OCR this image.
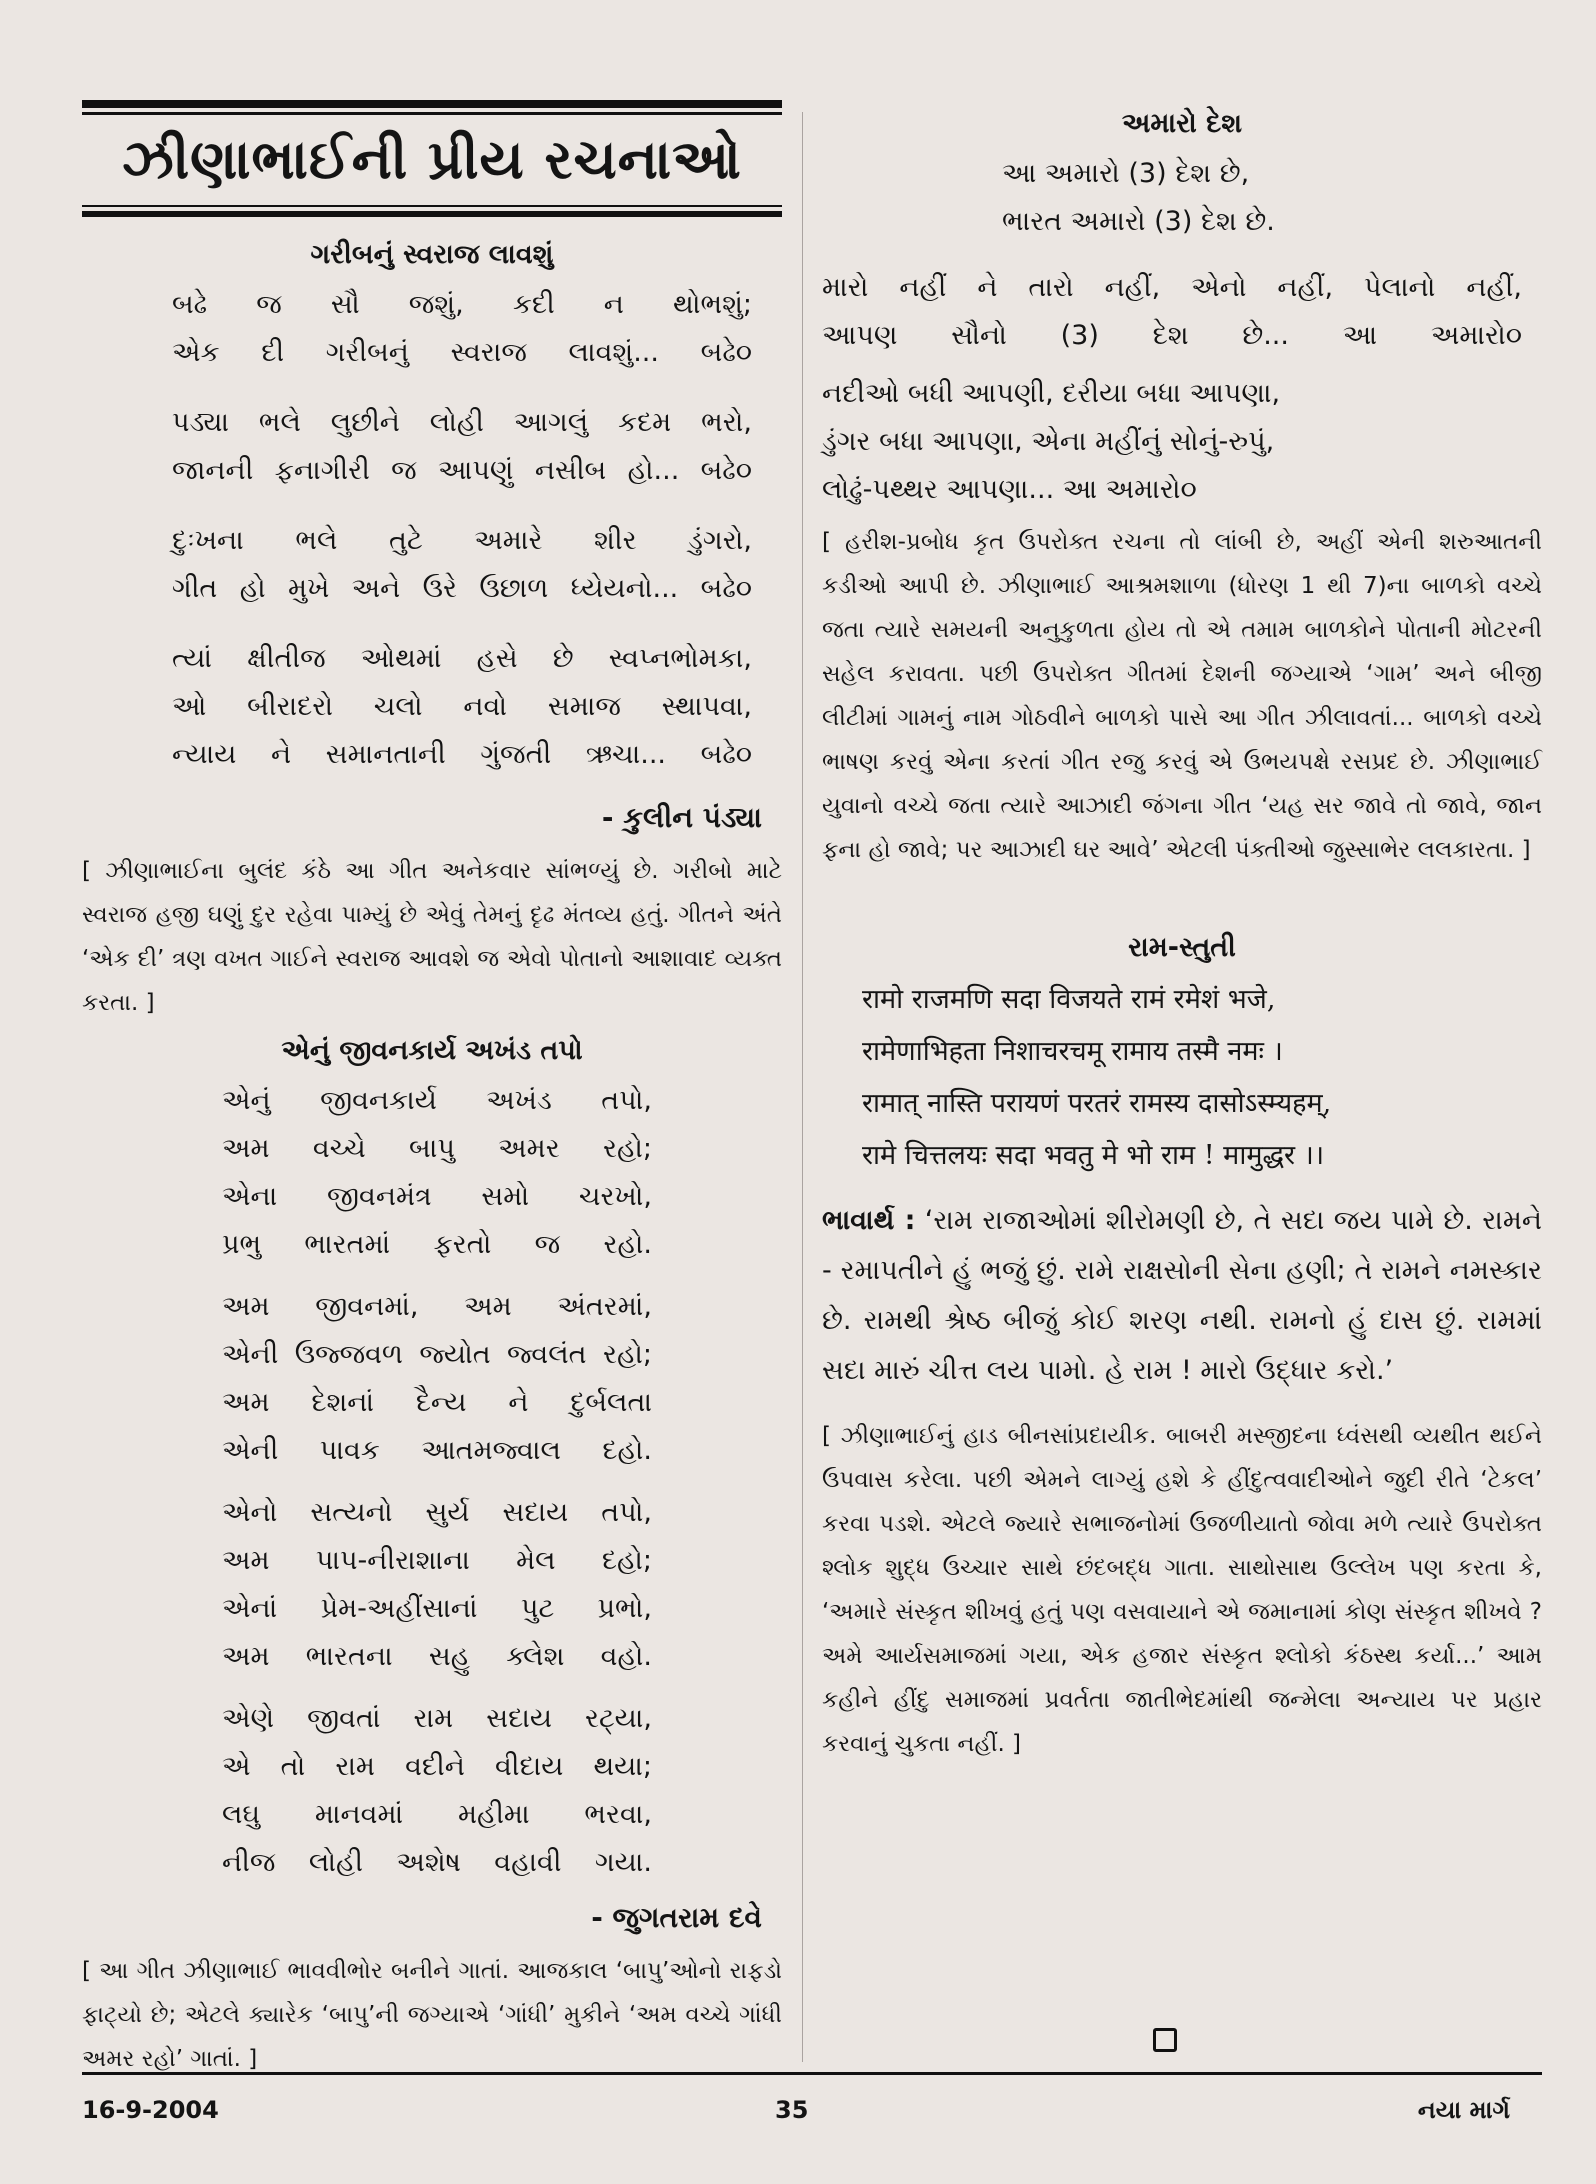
ઝીણાભાઈની પ્રીય રચનાઓ
ગરીબનું સ્વરાજ લાવશું
બઢે જ સૌ જશું, કદી ન થોભશું;
એક દી ગરીબનું સ્વરાજ લાવશું... બઢે૦
પડ્યા ભલે લુછીને લોહી આગલું કદમ ભરો,
જાનની ફનાગીરી જ આપણું નસીબ હો... બઢે૦
દુઃખના ભલે તુટે અમારે શીર ડુંગરો,
ગીત હો મુખે અને ઉરે ઉછાળ ધ્યેયનો... બઢે૦
ત્યાં ક્ષીતીજ ઓથમાં હસે છે સ્વપ્નભોમકા,
ઓ બીરાદરો ચલો નવો સમાજ સ્થાપવા,
ન્યાય ને સમાનતાની ગુંજતી ઋચા... બઢે૦
- કુલીન પંડ્યા

[ ઝીણાભાઈના બુલંદ કંઠે આ ગીત અનેકવાર સાંભળ્યું છે. ગરીબો માટે સ્વરાજ હજી ઘણું દુર રહેવા પામ્યું છે એવું તેમનું દૃઢ મંતવ્ય હતું. ગીતને અંતે ‘એક દી’ ત્રણ વખત ગાઈને સ્વરાજ આવશે જ એવો પોતાનો આશાવાદ વ્યક્ત કરતા. ]

એનું જીવનકાર્ય અખંડ તપો
એનું જીવનકાર્ય અખંડ તપો,
અમ વચ્ચે બાપુ અમર રહો;
એના જીવનમંત્ર સમો ચરખો,
પ્રભુ ભારતમાં ફરતો જ રહો.
અમ જીવનમાં, અમ અંતરમાં,
એની ઉજ્જવળ જ્યોત જ્વલંત રહો;
અમ દેશનાં દૈન્ય ને દુર્બલતા
એની પાવક આતમજ્વાલ દહો.
એનો સત્યનો સુર્ય સદાય તપો,
અમ પાપ-નીરાશાના મેલ દહો;
એનાં પ્રેમ-અહીંસાનાં પુટ પ્રભો,
અમ ભારતના સહુ ક્લેશ વહો.
એણે જીવતાં રામ સદાય રટ્યા,
એ તો રામ વદીને વીદાય થયા;
લઘુ માનવમાં મહીમા ભરવા,
નીજ લોહી અશેષ વહાવી ગયા.
- જુગતરામ દવે

[ આ ગીત ઝીણાભાઈ ભાવવીભોર બનીને ગાતાં. આજકાલ ‘બાપુ’ઓનો રાફડો ફાટ્યો છે; એટલે ક્યારેક ‘બાપુ’ની જગ્યાએ ‘ગાંધી’ મુકીને ‘અમ વચ્ચે ગાંધી અમર રહો’ ગાતાં. ]

અમારો દેશ
આ અમારો (3) દેશ છે,
ભારત અમારો (3) દેશ છે.
મારો નહીં ને તારો નહીં, એનો નહીં, પેલાનો નહીં,
આપણ સૌનો (3) દેશ છે... આ અમારો૦
નદીઓ બધી આપણી, દરીયા બધા આપણા,
ડુંગર બધા આપણા, એના મહીંનું સોનું-રુપું,
લોઢું-પથ્થર આપણા... આ અમારો૦

[ હરીશ-પ્રબોધ કૃત ઉપરોક્ત રચના તો લાંબી છે, અહીં એની શરુઆતની કડીઓ આપી છે. ઝીણાભાઈ આશ્રમશાળા (ધોરણ 1 થી 7)ના બાળકો વચ્ચે જતા ત્યારે સમયની અનુકુળતા હોય તો એ તમામ બાળકોને પોતાની મોટરની સહેલ કરાવતા. પછી ઉપરોક્ત ગીતમાં દેશની જગ્યાએ ‘ગામ’ અને બીજી લીટીમાં ગામનું નામ ગોઠવીને બાળકો પાસે આ ગીત ઝીલાવતાં... બાળકો વચ્ચે ભાષણ કરવું એના કરતાં ગીત રજુ કરવું એ ઉભયપક્ષે રસપ્રદ છે. ઝીણાભાઈ યુવાનો વચ્ચે જતા ત્યારે આઝાદી જંગના ગીત ‘યહ સર જાવે તો જાવે, જાન ફના હો જાવે; પર આઝાદી ઘર આવે’ એટલી પંક્તીઓ જુસ્સાભેર લલકારતા. ]

રામ-સ્તુતી
रामो राजमणि सदा विजयते रामं रमेशं भजे,
रामेणाभिहता निशाचरचमू रामाय तस्मै नमः ।
रामात् नास्ति परायणं परतरं रामस्य दासोऽस्म्यहम्,
रामे चित्तलयः सदा भवतु मे भो राम ! मामुद्धर ।।

ભાવાર્થ : ‘રામ રાજાઓમાં શીરોમણી છે, તે સદા જય પામે છે. રામને - રમાપતીને હું ભજું છું. રામે રાક્ષસોની સેના હણી; તે રામને નમસ્કાર છે. રામથી શ્રેષ્ઠ બીજું કોઈ શરણ નથી. રામનો હું દાસ છું. રામમાં સદા મારું ચીત્ત લય પામો. હે રામ ! મારો ઉદ્ધાર કરો.’

[ ઝીણાભાઈનું હાડ બીનસાંપ્રદાયીક. બાબરી મસ્જીદના ધ્વંસથી વ્યથીત થઈને ઉપવાસ કરેલા. પછી એમને લાગ્યું હશે કે હીંદુત્વવાદીઓને જુદી રીતે ‘ટેકલ’ કરવા પડશે. એટલે જ્યારે સભાજનોમાં ઉજળીયાતો જોવા મળે ત્યારે ઉપરોક્ત શ્લોક શુદ્ધ ઉચ્ચાર સાથે છંદબદ્ધ ગાતા. સાથોસાથ ઉલ્લેખ પણ કરતા કે, ‘અમારે સંસ્કૃત શીખવું હતું પણ વસવાયાને એ જમાનામાં કોણ સંસ્કૃત શીખવે ? અમે આર્યસમાજમાં ગયા, એક હજાર સંસ્કૃત શ્લોકો કંઠસ્થ કર્યા...’ આમ કહીને હીંદુ સમાજમાં પ્રવર્તતા જાતીભેદમાંથી જન્મેલા અન્યાય પર પ્રહાર કરવાનું ચુકતા નહીં. ]

16-9-2004	35	નયા માર્ગ
